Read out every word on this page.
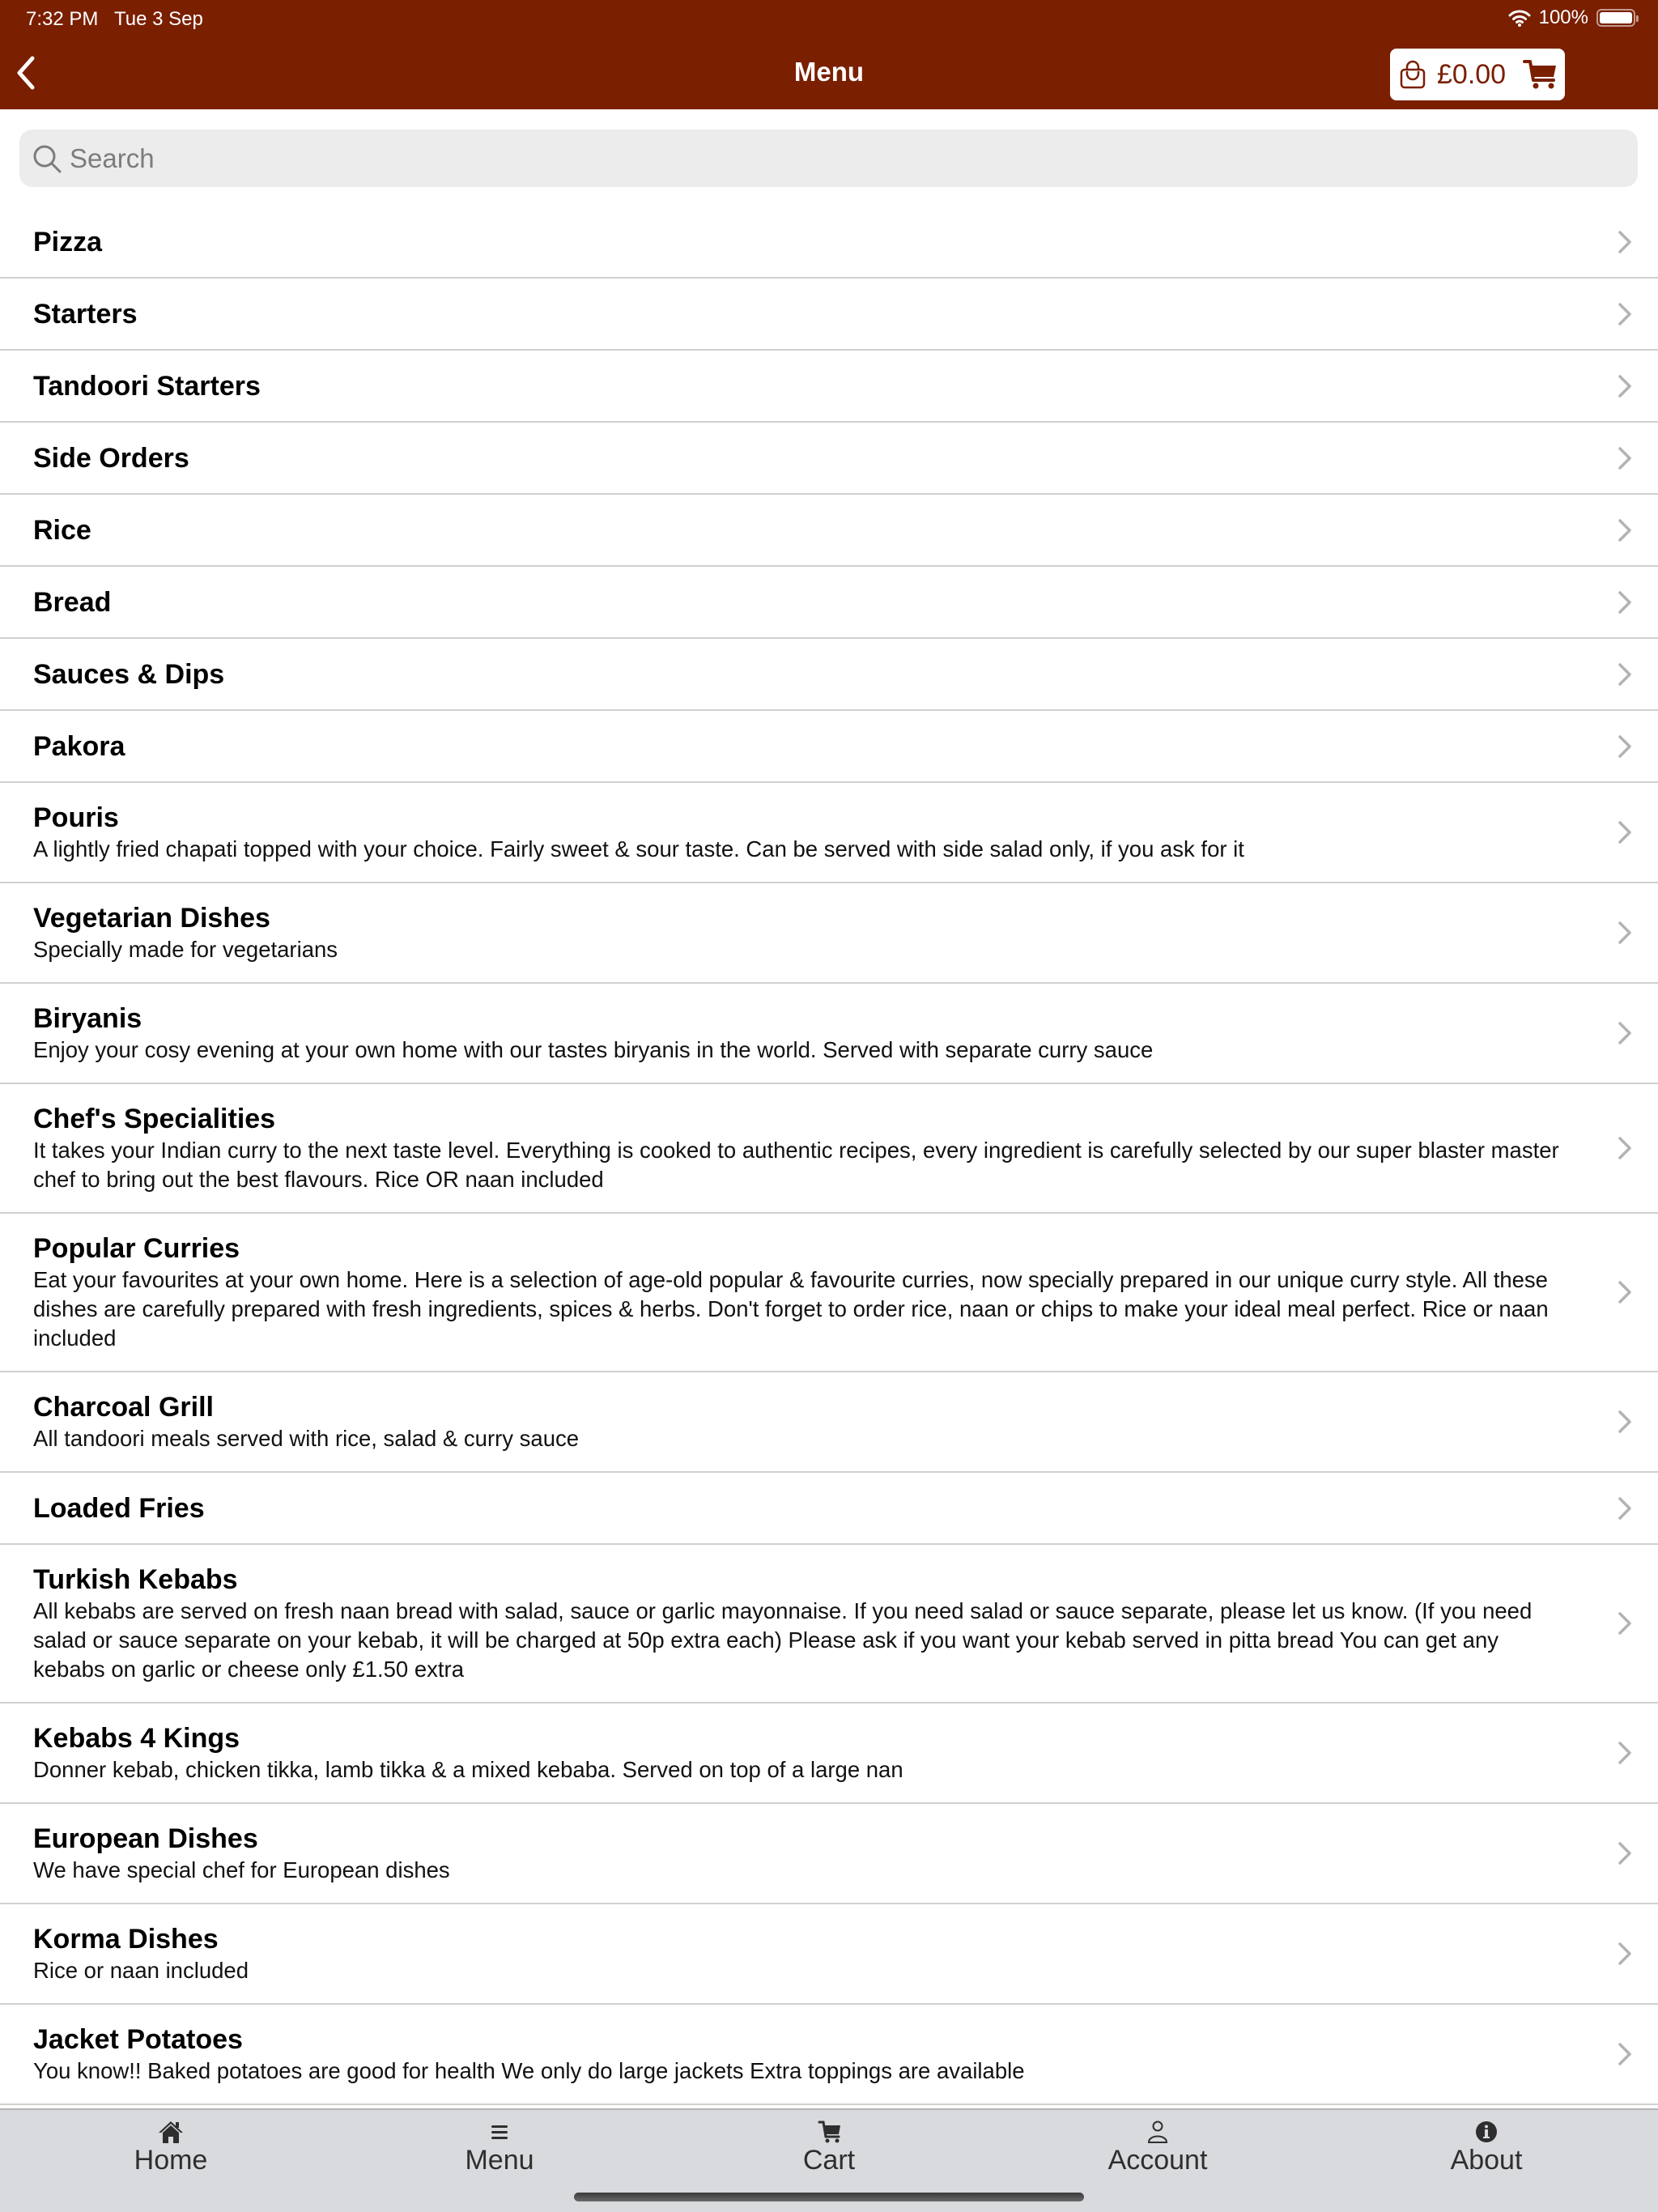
7:32 PM Tue 3 Sep	100%
Menu	£0.00
Search
Pizza
Starters
Tandoori Starters
Side Orders
Rice
Bread
Sauces & Dips
Pakora
Pouris
A lightly fried chapati topped with your choice. Fairly sweet & sour taste. Can be served with side salad only, if you ask for it
Vegetarian Dishes
Specially made for vegetarians
Biryanis
Enjoy your cosy evening at your own home with our tastes biryanis in the world. Served with separate curry sauce
Chef's Specialities
It takes your Indian curry to the next taste level. Everything is cooked to authentic recipes, every ingredient is carefully selected by our super blaster master chef to bring out the best flavours. Rice OR naan included
Popular Curries
Eat your favourites at your own home. Here is a selection of age-old popular & favourite curries, now specially prepared in our unique curry style. All these dishes are carefully prepared with fresh ingredients, spices & herbs. Don't forget to order rice, naan or chips to make your ideal meal perfect. Rice or naan included
Charcoal Grill
All tandoori meals served with rice, salad & curry sauce
Loaded Fries
Turkish Kebabs
All kebabs are served on fresh naan bread with salad, sauce or garlic mayonnaise. If you need salad or sauce separate, please let us know. (If you need salad or sauce separate on your kebab, it will be charged at 50p extra each) Please ask if you want your kebab served in pitta bread You can get any kebabs on garlic or cheese only £1.50 extra
Kebabs 4 Kings
Donner kebab, chicken tikka, lamb tikka & a mixed kebaba. Served on top of a large nan
European Dishes
We have special chef for European dishes
Korma Dishes
Rice or naan included
Jacket Potatoes
You know!! Baked potatoes are good for health We only do large jackets Extra toppings are available
Home	Menu	Cart	Account	About
